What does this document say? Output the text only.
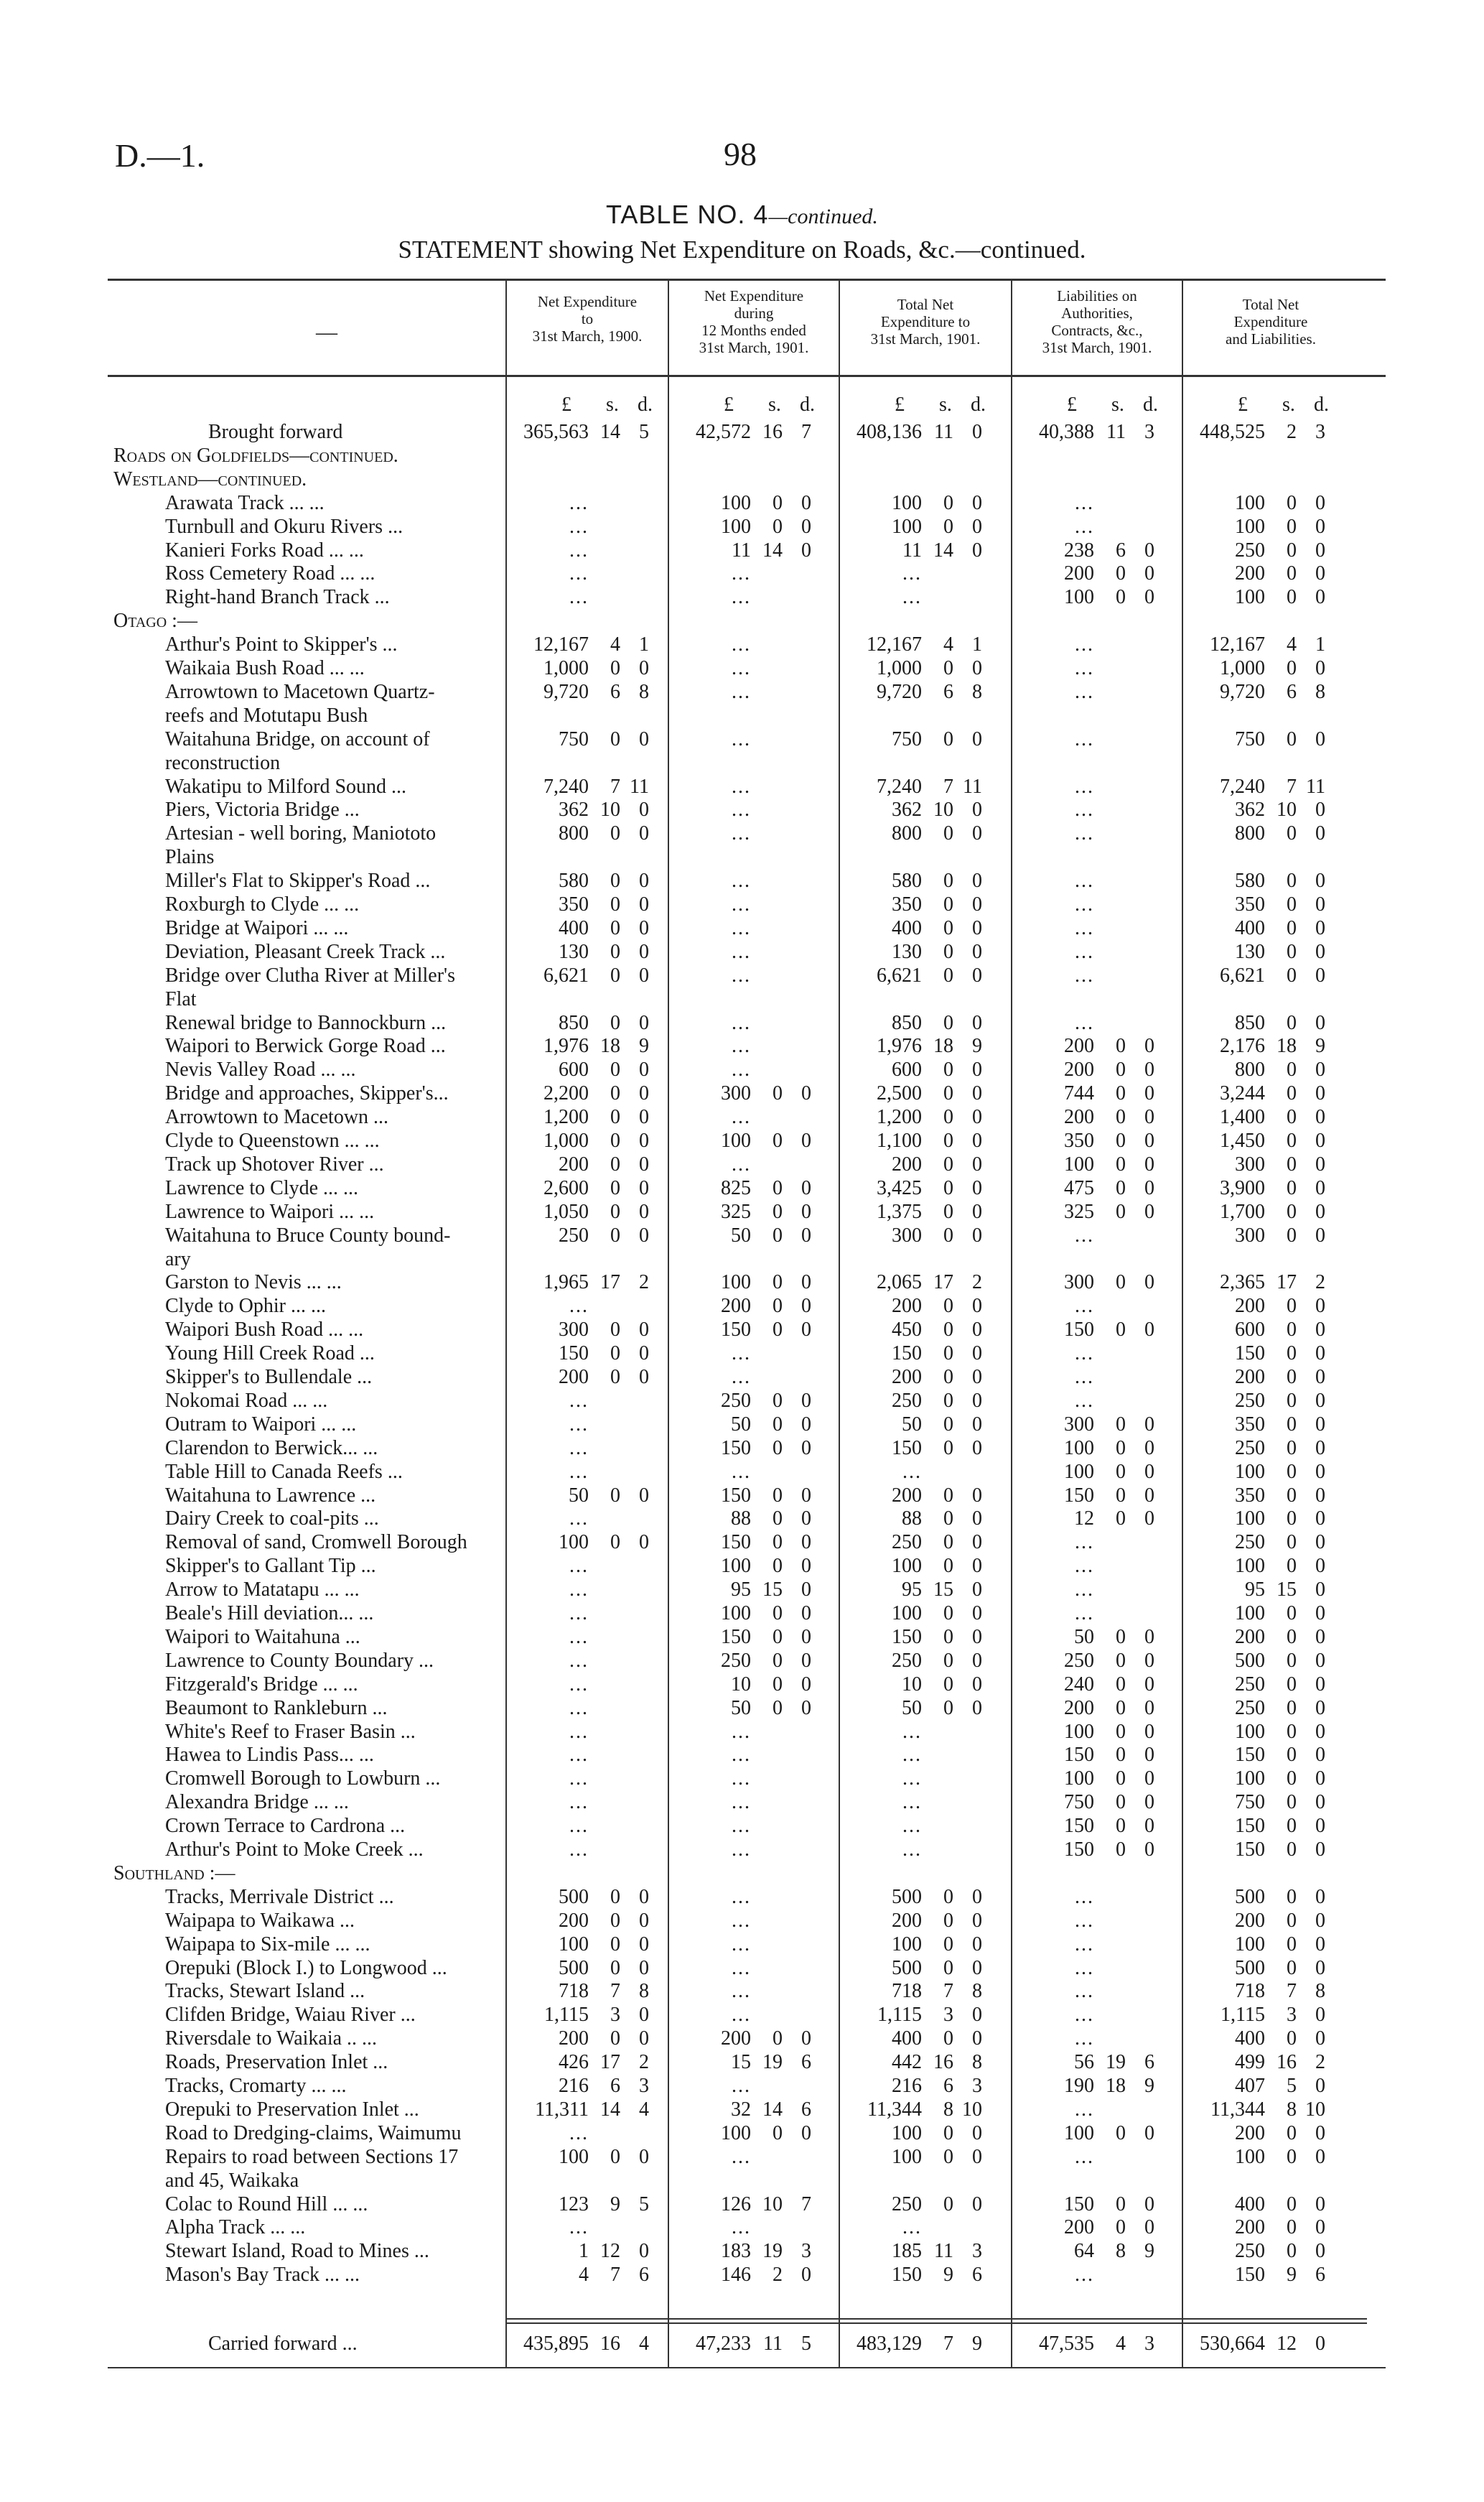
D.—1.	98
TABLE NO. 4—continued.
STATEMENT showing Net Expenditure on Roads, &c.—continued.
—
Net Expenditure
to
31st March, 1900.
Net Expenditure
during
12 Months ended
31st March, 1901.
Total Net
Expenditure to
31st March, 1901.
Liabilities on
Authorities,
Contracts, &c.,
31st March, 1901.
Total Net
Expenditure
and Liabilities.
£ s. d.	£ s. d.	£ s. d.	£ s. d.	£ s. d.
Brought forward	365,563 14 5	42,572 16 7	408,136 11 0	40,388 11 3	448,525 2 3
Roads on Goldfields—continued.
Westland—continued.
Arawata Track ... ...	...	100 0 0	100 0 0	...	100 0 0
Turnbull and Okuru Rivers ...	...	100 0 0	100 0 0	...	100 0 0
Kanieri Forks Road ... ...	...	11 14 0	11 14 0	238 6 0	250 0 0
Ross Cemetery Road ... ...	...	...	...	200 0 0	200 0 0
Right-hand Branch Track ...	...	...	...	100 0 0	100 0 0
Otago :—
Arthur's Point to Skipper's ...	12,167 4 1	...	12,167 4 1	...	12,167 4 1
Waikaia Bush Road ... ...	1,000 0 0	...	1,000 0 0	...	1,000 0 0
Arrowtown to Macetown Quartz-	9,720 6 8	...	9,720 6 8	...	9,720 6 8
reefs and Motutapu Bush
Waitahuna Bridge, on account of	750 0 0	...	750 0 0	...	750 0 0
reconstruction
Wakatipu to Milford Sound ...	7,240 7 11	...	7,240 7 11	...	7,240 7 11
Piers, Victoria Bridge ...	362 10 0	...	362 10 0	...	362 10 0
Artesian - well boring, Maniototo	800 0 0	...	800 0 0	...	800 0 0
Plains
Miller's Flat to Skipper's Road ...	580 0 0	...	580 0 0	...	580 0 0
Roxburgh to Clyde ... ...	350 0 0	...	350 0 0	...	350 0 0
Bridge at Waipori ... ...	400 0 0	...	400 0 0	...	400 0 0
Deviation, Pleasant Creek Track ...	130 0 0	...	130 0 0	...	130 0 0
Bridge over Clutha River at Miller's	6,621 0 0	...	6,621 0 0	...	6,621 0 0
Flat
Renewal bridge to Bannockburn ...	850 0 0	...	850 0 0	...	850 0 0
Waipori to Berwick Gorge Road ...	1,976 18 9	...	1,976 18 9	200 0 0	2,176 18 9
Nevis Valley Road ... ...	600 0 0	...	600 0 0	200 0 0	800 0 0
Bridge and approaches, Skipper's...	2,200 0 0	300 0 0	2,500 0 0	744 0 0	3,244 0 0
Arrowtown to Macetown ...	1,200 0 0	...	1,200 0 0	200 0 0	1,400 0 0
Clyde to Queenstown ... ...	1,000 0 0	100 0 0	1,100 0 0	350 0 0	1,450 0 0
Track up Shotover River ...	200 0 0	...	200 0 0	100 0 0	300 0 0
Lawrence to Clyde ... ...	2,600 0 0	825 0 0	3,425 0 0	475 0 0	3,900 0 0
Lawrence to Waipori ... ...	1,050 0 0	325 0 0	1,375 0 0	325 0 0	1,700 0 0
Waitahuna to Bruce County bound-	250 0 0	50 0 0	300 0 0	...	300 0 0
ary
Garston to Nevis ... ...	1,965 17 2	100 0 0	2,065 17 2	300 0 0	2,365 17 2
Clyde to Ophir ... ...	...	200 0 0	200 0 0	...	200 0 0
Waipori Bush Road ... ...	300 0 0	150 0 0	450 0 0	150 0 0	600 0 0
Young Hill Creek Road ...	150 0 0	...	150 0 0	...	150 0 0
Skipper's to Bullendale ...	200 0 0	...	200 0 0	...	200 0 0
Nokomai Road ... ...	...	250 0 0	250 0 0	...	250 0 0
Outram to Waipori ... ...	...	50 0 0	50 0 0	300 0 0	350 0 0
Clarendon to Berwick... ...	...	150 0 0	150 0 0	100 0 0	250 0 0
Table Hill to Canada Reefs ...	...	...	...	100 0 0	100 0 0
Waitahuna to Lawrence ...	50 0 0	150 0 0	200 0 0	150 0 0	350 0 0
Dairy Creek to coal-pits ...	...	88 0 0	88 0 0	12 0 0	100 0 0
Removal of sand, Cromwell Borough	100 0 0	150 0 0	250 0 0	...	250 0 0
Skipper's to Gallant Tip ...	...	100 0 0	100 0 0	...	100 0 0
Arrow to Matatapu ... ...	...	95 15 0	95 15 0	...	95 15 0
Beale's Hill deviation... ...	...	100 0 0	100 0 0	...	100 0 0
Waipori to Waitahuna ...	...	150 0 0	150 0 0	50 0 0	200 0 0
Lawrence to County Boundary ...	...	250 0 0	250 0 0	250 0 0	500 0 0
Fitzgerald's Bridge ... ...	...	10 0 0	10 0 0	240 0 0	250 0 0
Beaumont to Rankleburn ...	...	50 0 0	50 0 0	200 0 0	250 0 0
White's Reef to Fraser Basin ...	...	...	...	100 0 0	100 0 0
Hawea to Lindis Pass... ...	...	...	...	150 0 0	150 0 0
Cromwell Borough to Lowburn ...	...	...	...	100 0 0	100 0 0
Alexandra Bridge ... ...	...	...	...	750 0 0	750 0 0
Crown Terrace to Cardrona ...	...	...	...	150 0 0	150 0 0
Arthur's Point to Moke Creek ...	...	...	...	150 0 0	150 0 0
Southland :—
Tracks, Merrivale District ...	500 0 0	...	500 0 0	...	500 0 0
Waipapa to Waikawa ...	200 0 0	...	200 0 0	...	200 0 0
Waipapa to Six-mile ... ...	100 0 0	...	100 0 0	...	100 0 0
Orepuki (Block I.) to Longwood ...	500 0 0	...	500 0 0	...	500 0 0
Tracks, Stewart Island ...	718 7 8	...	718 7 8	...	718 7 8
Clifden Bridge, Waiau River ...	1,115 3 0	...	1,115 3 0	...	1,115 3 0
Riversdale to Waikaia .. ...	200 0 0	200 0 0	400 0 0	...	400 0 0
Roads, Preservation Inlet ...	426 17 2	15 19 6	442 16 8	56 19 6	499 16 2
Tracks, Cromarty ... ...	216 6 3	...	216 6 3	190 18 9	407 5 0
Orepuki to Preservation Inlet ...	11,311 14 4	32 14 6	11,344 8 10	...	11,344 8 10
Road to Dredging-claims, Waimumu	...	100 0 0	100 0 0	100 0 0	200 0 0
Repairs to road between Sections 17	100 0 0	...	100 0 0	...	100 0 0
and 45, Waikaka
Colac to Round Hill ... ...	123 9 5	126 10 7	250 0 0	150 0 0	400 0 0
Alpha Track ... ...	...	...	...	200 0 0	200 0 0
Stewart Island, Road to Mines ...	1 12 0	183 19 3	185 11 3	64 8 9	250 0 0
Mason's Bay Track ... ...	4 7 6	146 2 0	150 9 6	...	150 9 6
Carried forward ...	435,895 16 4	47,233 11 5	483,129 7 9	47,535 4 3	530,664 12 0
